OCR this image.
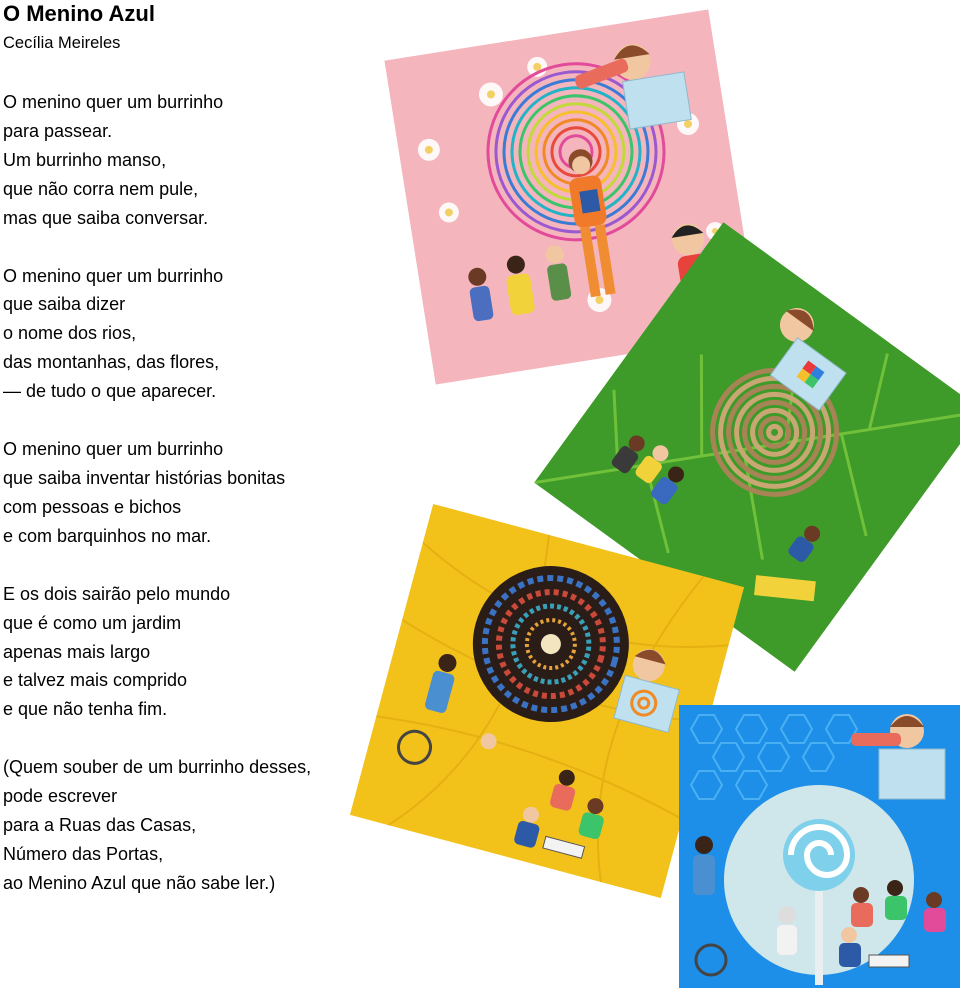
O Menino Azul
Cecília Meireles
O menino quer um burrinho
para passear.
Um burrinho manso,
que não corra nem pule,
mas que saiba conversar.
O menino quer um burrinho
que saiba dizer
o nome dos rios,
das montanhas, das flores,
— de tudo o que aparecer.
O menino quer um burrinho
que saiba inventar histórias bonitas
com pessoas e bichos
e com barquinhos no mar.
E os dois sairão pelo mundo
que é como um jardim
apenas mais largo
e talvez mais comprido
e que não tenha fim.
(Quem souber de um burrinho desses,
pode escrever
para a Ruas das Casas,
Número das Portas,
ao Menino Azul que não sabe ler.)
